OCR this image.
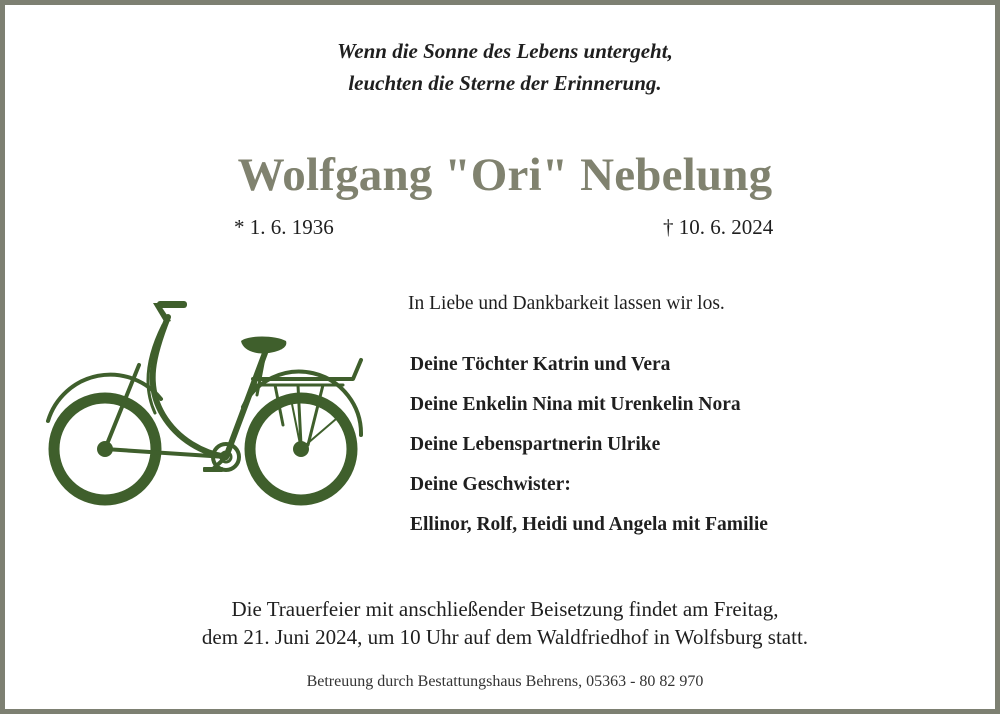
Wenn die Sonne des Lebens untergeht,
leuchten die Sterne der Erinnerung.
Wolfgang "Ori" Nebelung
* 1. 6. 1936	† 10. 6. 2024
In Liebe und Dankbarkeit lassen wir los.
Deine Töchter Katrin und Vera
Deine Enkelin Nina mit Urenkelin Nora
Deine Lebenspartnerin Ulrike
Deine Geschwister:
Ellinor, Rolf, Heidi und Angela mit Familie
Die Trauerfeier mit anschließender Beisetzung findet am Freitag,
dem 21. Juni 2024, um 10 Uhr auf dem Waldfriedhof in Wolfsburg statt.
Betreuung durch Bestattungshaus Behrens, 05363 - 80 82 970
